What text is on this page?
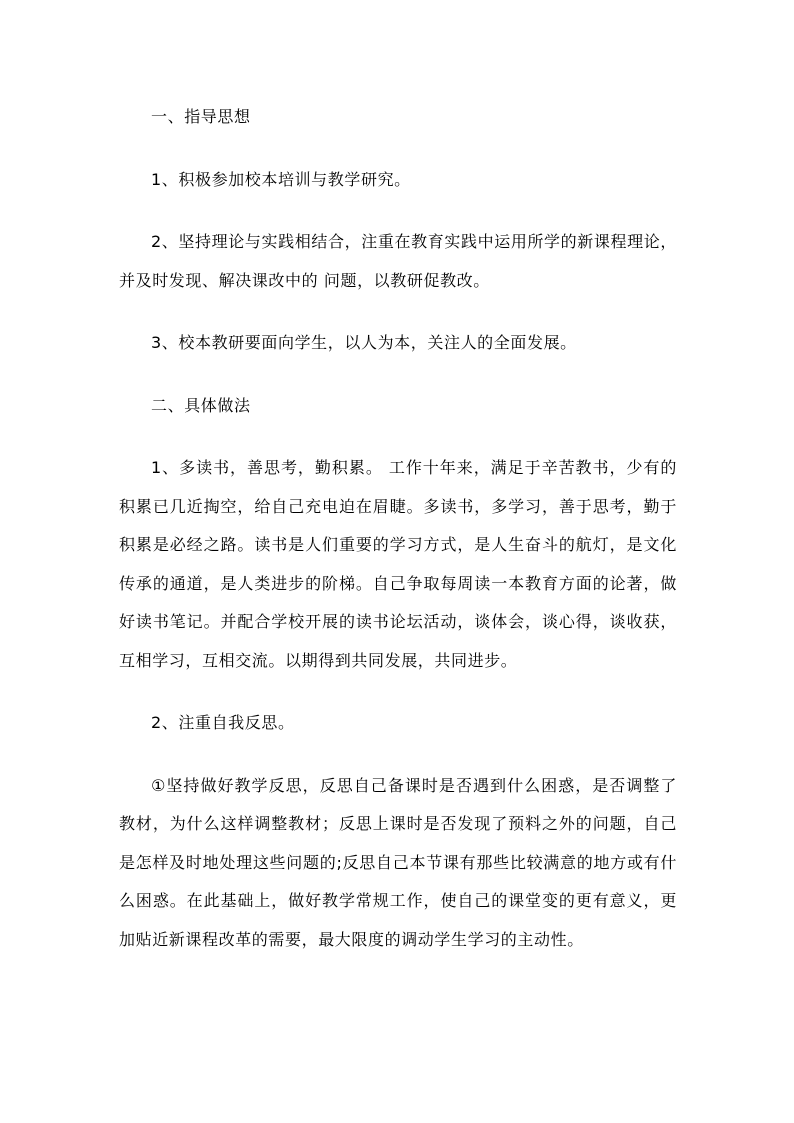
一、指导思想

1、积极参加校本培训与教学研究。

2、坚持理论与实践相结合，注重在教育实践中运用所学的新课程理论，并及时发现、解决课改中的 问题，以教研促教改。

3、校本教研要面向学生，以人为本，关注人的全面发展。

二、具体做法

1、多读书，善思考，勤积累。 工作十年来，满足于辛苦教书，少有的积累已几近掏空，给自己充电迫在眉睫。多读书，多学习，善于思考，勤于积累是必经之路。读书是人们重要的学习方式，是人生奋斗的航灯，是文化 传承的通道，是人类进步的阶梯。自己争取每周读一本教育方面的论著，做好读书笔记。并配合学校开展的读书论坛活动，谈体会，谈心得，谈收获，互相学习，互相交流。以期得到共同发展，共同进步。

2、注重自我反思。

①坚持做好教学反思，反思自己备课时是否遇到什么困惑，是否调整了教材，为什么这样调整教材；反思上课时是否发现了预料之外的问题，自己是怎样及时地处理这些问题的;反思自己本节课有那些比较满意的地方或有什么困惑。在此基础上，做好教学常规工作，使自己的课堂变的更有意义，更加贴近新课程改革的需要，最大限度的调动学生学习的主动性。
